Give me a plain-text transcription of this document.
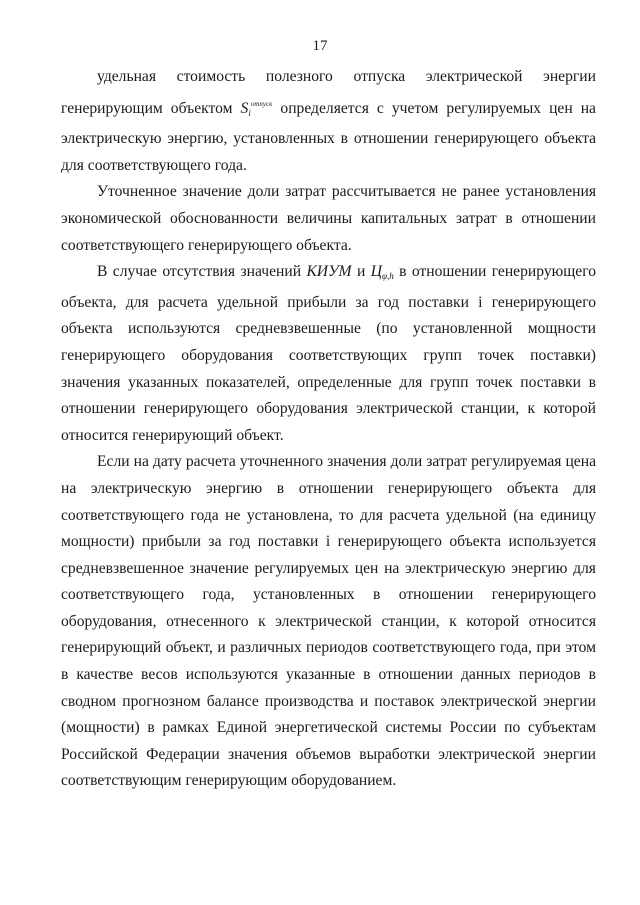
17

удельная стоимость полезного отпуска электрической энергии генерирующим объектом $S_i^{отпуск}$ определяется с учетом регулируемых цен на электрическую энергию, установленных в отношении генерирующего объекта для соответствующего года.

Уточненное значение доли затрат рассчитывается не ранее установления экономической обоснованности величины капитальных затрат в отношении соответствующего генерирующего объекта.

В случае отсутствия значений КИУМ и $Ц_{\varphi,h}$ в отношении генерирующего объекта, для расчета удельной прибыли за год поставки i генерирующего объекта используются средневзвешенные (по установленной мощности генерирующего оборудования соответствующих групп точек поставки) значения указанных показателей, определенные для групп точек поставки в отношении генерирующего оборудования электрической станции, к которой относится генерирующий объект.

Если на дату расчета уточненного значения доли затрат регулируемая цена на электрическую энергию в отношении генерирующего объекта для соответствующего года не установлена, то для расчета удельной (на единицу мощности) прибыли за год поставки i генерирующего объекта используется средневзвешенное значение регулируемых цен на электрическую энергию для соответствующего года, установленных в отношении генерирующего оборудования, отнесенного к электрической станции, к которой относится генерирующий объект, и различных периодов соответствующего года, при этом в качестве весов используются указанные в отношении данных периодов в сводном прогнозном балансе производства и поставок электрической энергии (мощности) в рамках Единой энергетической системы России по субъектам Российской Федерации значения объемов выработки электрической энергии соответствующим генерирующим оборудованием.
